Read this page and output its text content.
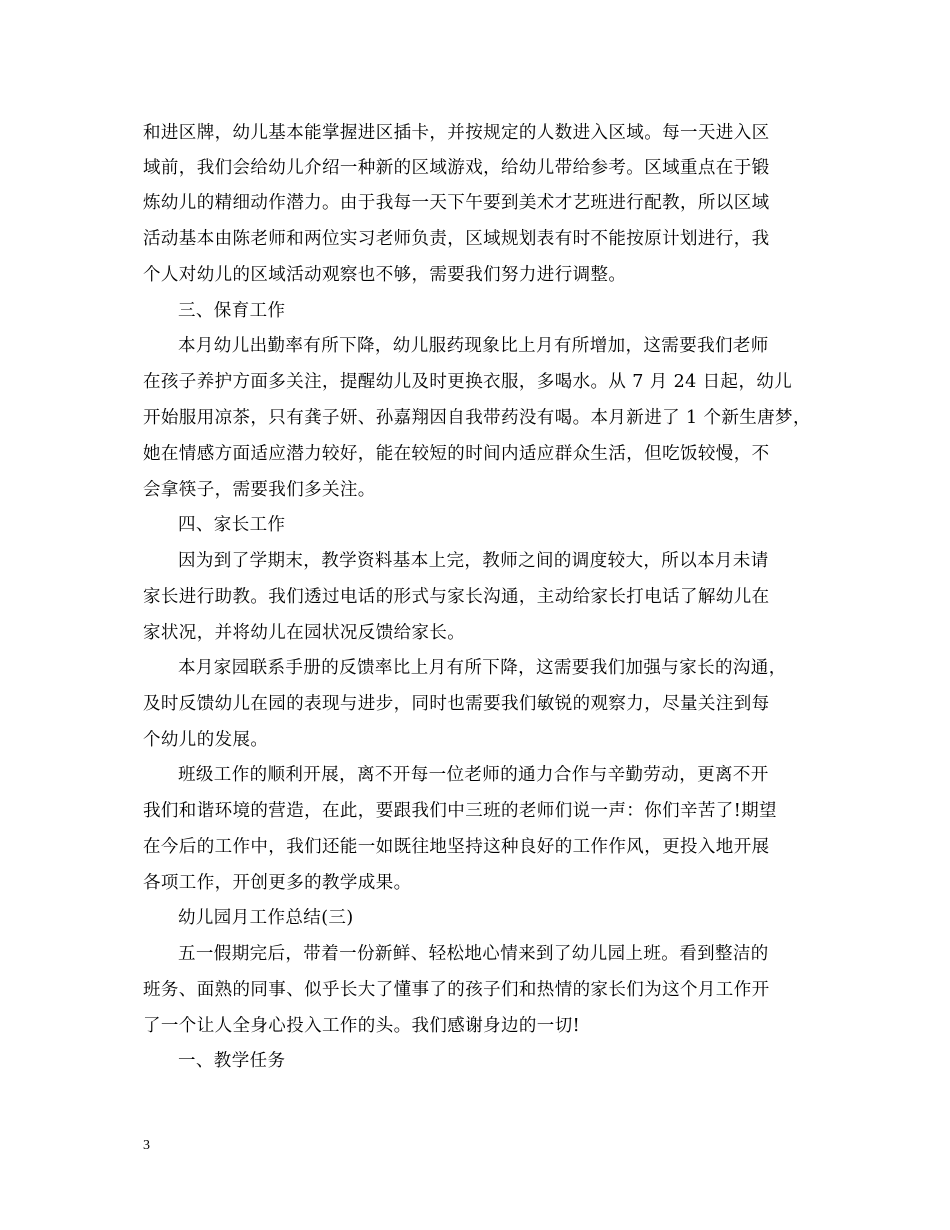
和进区牌，幼儿基本能掌握进区插卡，并按规定的人数进入区域。每一天进入区
域前，我们会给幼儿介绍一种新的区域游戏，给幼儿带给参考。区域重点在于锻
炼幼儿的精细动作潜力。由于我每一天下午要到美术才艺班进行配教，所以区域
活动基本由陈老师和两位实习老师负责，区域规划表有时不能按原计划进行，我
个人对幼儿的区域活动观察也不够，需要我们努力进行调整。
三、保育工作
本月幼儿出勤率有所下降，幼儿服药现象比上月有所增加，这需要我们老师
在孩子养护方面多关注，提醒幼儿及时更换衣服，多喝水。从 7 月 24 日起，幼儿
开始服用凉茶，只有龚子妍、孙嘉翔因自我带药没有喝。本月新进了 1 个新生唐梦，
她在情感方面适应潜力较好，能在较短的时间内适应群众生活，但吃饭较慢，不
会拿筷子，需要我们多关注。
四、家长工作
因为到了学期末，教学资料基本上完，教师之间的调度较大，所以本月未请
家长进行助教。我们透过电话的形式与家长沟通，主动给家长打电话了解幼儿在
家状况，并将幼儿在园状况反馈给家长。
本月家园联系手册的反馈率比上月有所下降，这需要我们加强与家长的沟通，
及时反馈幼儿在园的表现与进步，同时也需要我们敏锐的观察力，尽量关注到每
个幼儿的发展。
班级工作的顺利开展，离不开每一位老师的通力合作与辛勤劳动，更离不开
我们和谐环境的营造，在此，要跟我们中三班的老师们说一声：你们辛苦了!期望
在今后的工作中，我们还能一如既往地坚持这种良好的工作作风，更投入地开展
各项工作，开创更多的教学成果。
幼儿园月工作总结(三)
五一假期完后，带着一份新鲜、轻松地心情来到了幼儿园上班。看到整洁的
班务、面熟的同事、似乎长大了懂事了的孩子们和热情的家长们为这个月工作开
了一个让人全身心投入工作的头。我们感谢身边的一切!
一、教学任务
3
